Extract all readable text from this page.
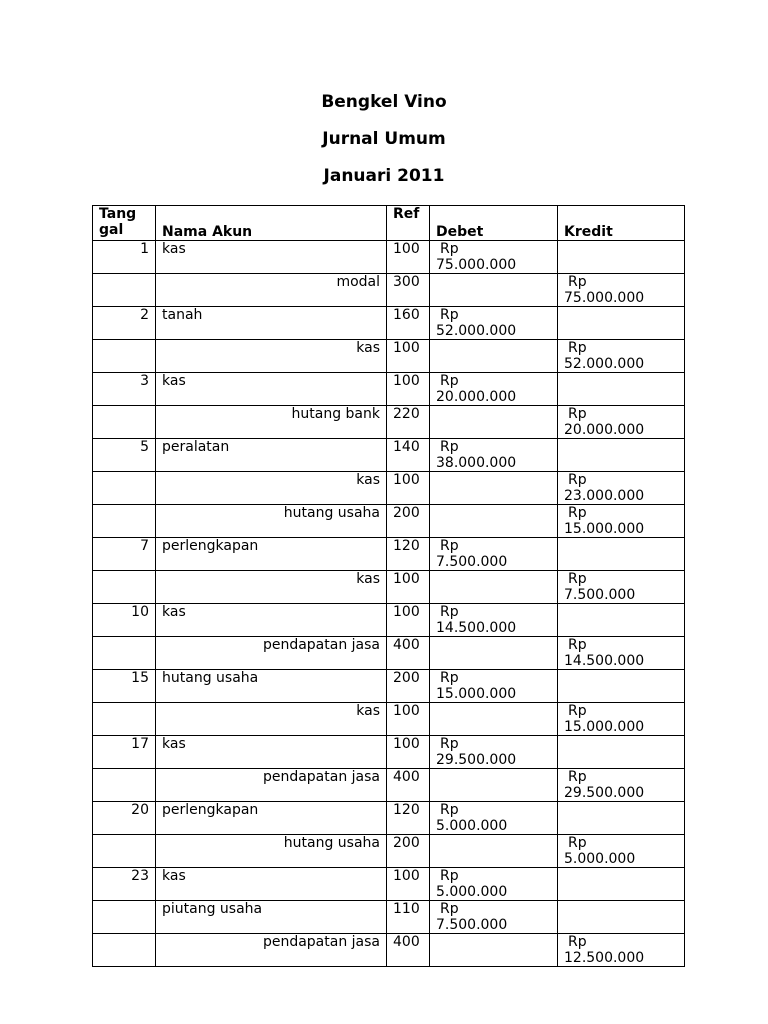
Bengkel Vino
Jurnal Umum
Januari 2011
Tang
gal	Nama Akun	Ref	Debet	Kredit

1	kas	100	Rp
75.000.000	
	modal	300		Rp
75.000.000
2	tanah	160	Rp
52.000.000	
	kas	100		Rp
52.000.000
3	kas	100	Rp
20.000.000	
	hutang bank	220		Rp
20.000.000
5	peralatan	140	Rp
38.000.000	
	kas	100		Rp
23.000.000
	hutang usaha	200		Rp
15.000.000
7	perlengkapan	120	Rp
7.500.000	
	kas	100		Rp
7.500.000
10	kas	100	Rp
14.500.000	
	pendapatan jasa	400		Rp
14.500.000
15	hutang usaha	200	Rp
15.000.000	
	kas	100		Rp
15.000.000
17	kas	100	Rp
29.500.000	
	pendapatan jasa	400		Rp
29.500.000
20	perlengkapan	120	Rp
5.000.000	
	hutang usaha	200		Rp
5.000.000
23	kas	100	Rp
5.000.000	
	piutang usaha	110	Rp
7.500.000	
	pendapatan jasa	400		Rp
12.500.000
